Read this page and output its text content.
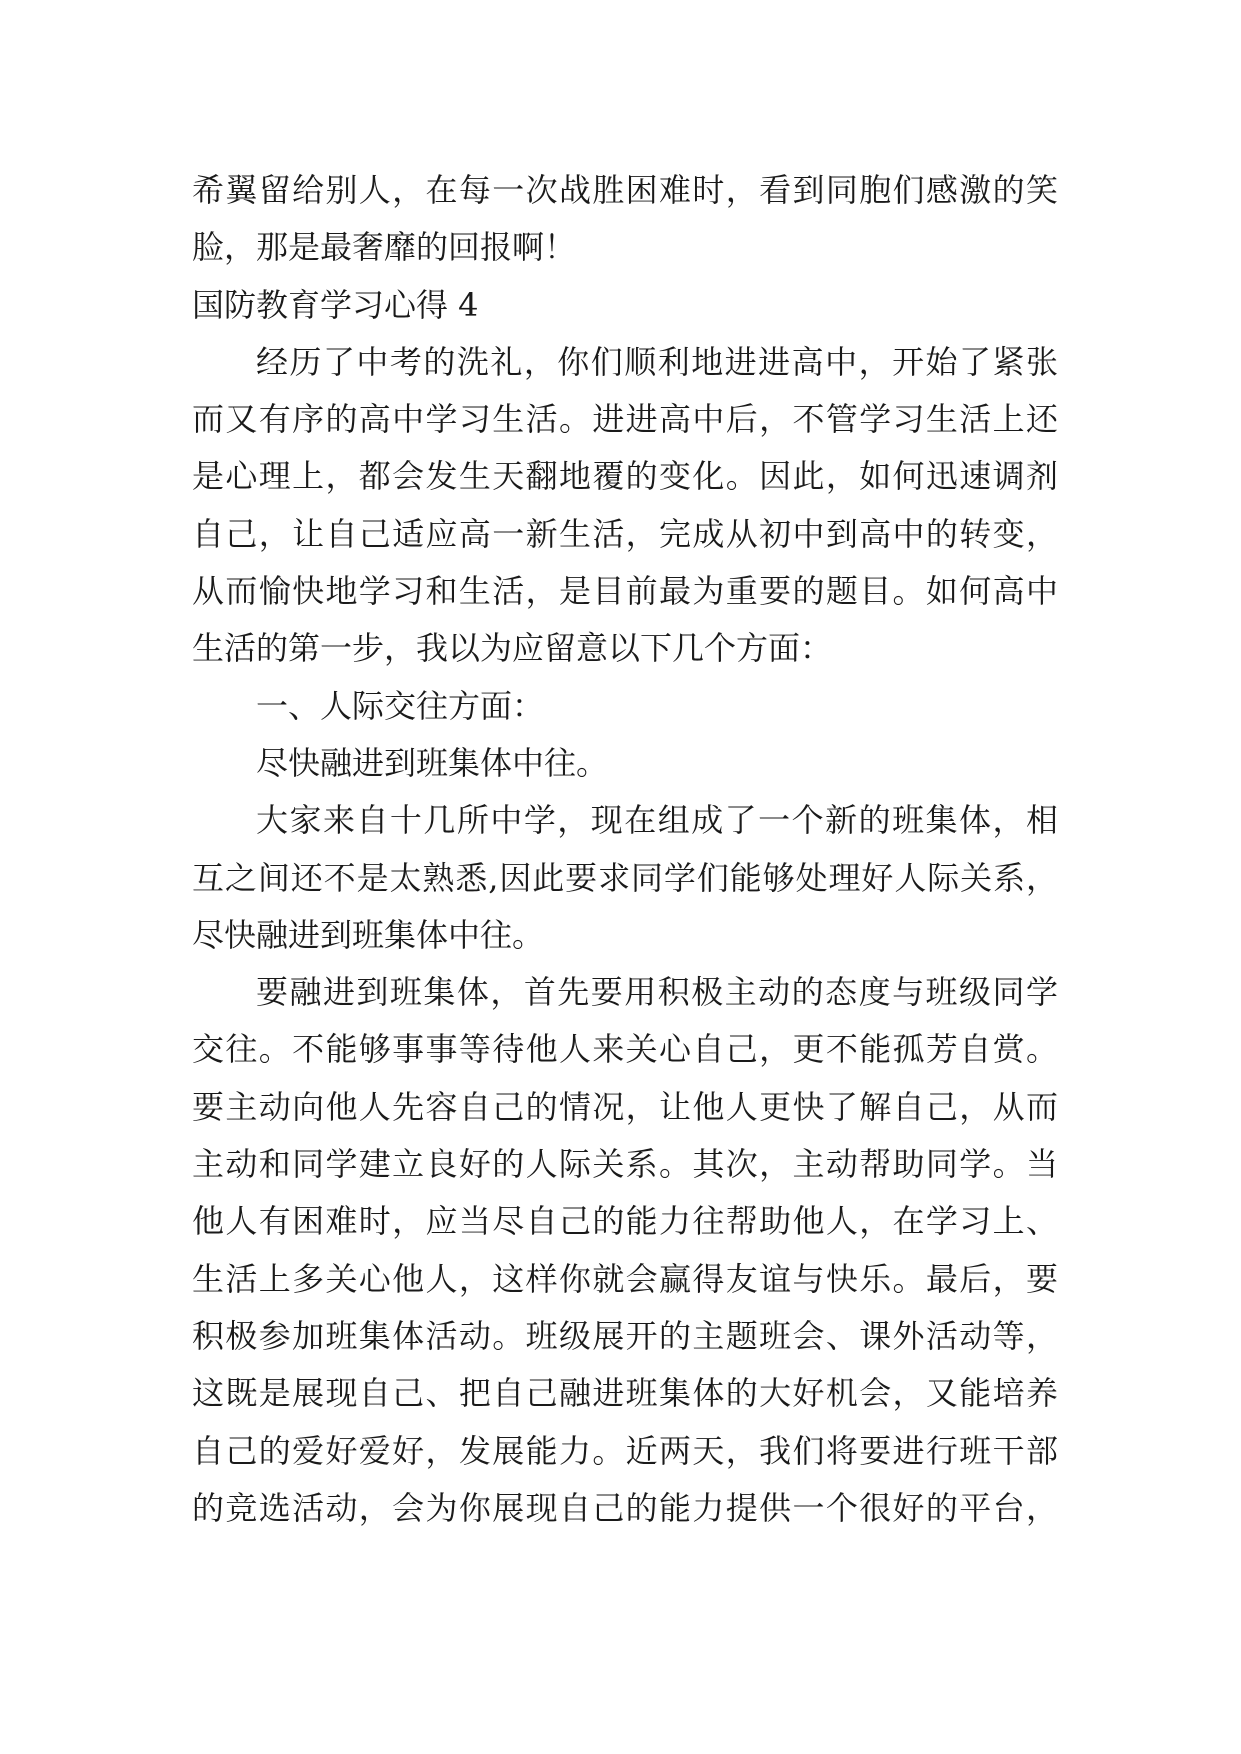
希翼留给别人，在每一次战胜困难时，看到同胞们感激的笑
脸，那是最奢靡的回报啊！
国防教育学习心得 4
经历了中考的洗礼，你们顺利地进进高中，开始了紧张
而又有序的高中学习生活。进进高中后，不管学习生活上还
是心理上，都会发生天翻地覆的变化。因此，如何迅速调剂
自己，让自己适应高一新生活，完成从初中到高中的转变，
从而愉快地学习和生活，是目前最为重要的题目。如何高中
生活的第一步，我以为应留意以下几个方面：
一、人际交往方面：
尽快融进到班集体中往。
大家来自十几所中学，现在组成了一个新的班集体，相
互之间还不是太熟悉,因此要求同学们能够处理好人际关系，
尽快融进到班集体中往。
要融进到班集体，首先要用积极主动的态度与班级同学
交往。不能够事事等待他人来关心自己，更不能孤芳自赏。
要主动向他人先容自己的情况，让他人更快了解自己，从而
主动和同学建立良好的人际关系。其次，主动帮助同学。当
他人有困难时，应当尽自己的能力往帮助他人，在学习上、
生活上多关心他人，这样你就会赢得友谊与快乐。最后，要
积极参加班集体活动。班级展开的主题班会、课外活动等，
这既是展现自己、把自己融进班集体的大好机会，又能培养
自己的爱好爱好，发展能力。近两天，我们将要进行班干部
的竞选活动，会为你展现自己的能力提供一个很好的平台，
